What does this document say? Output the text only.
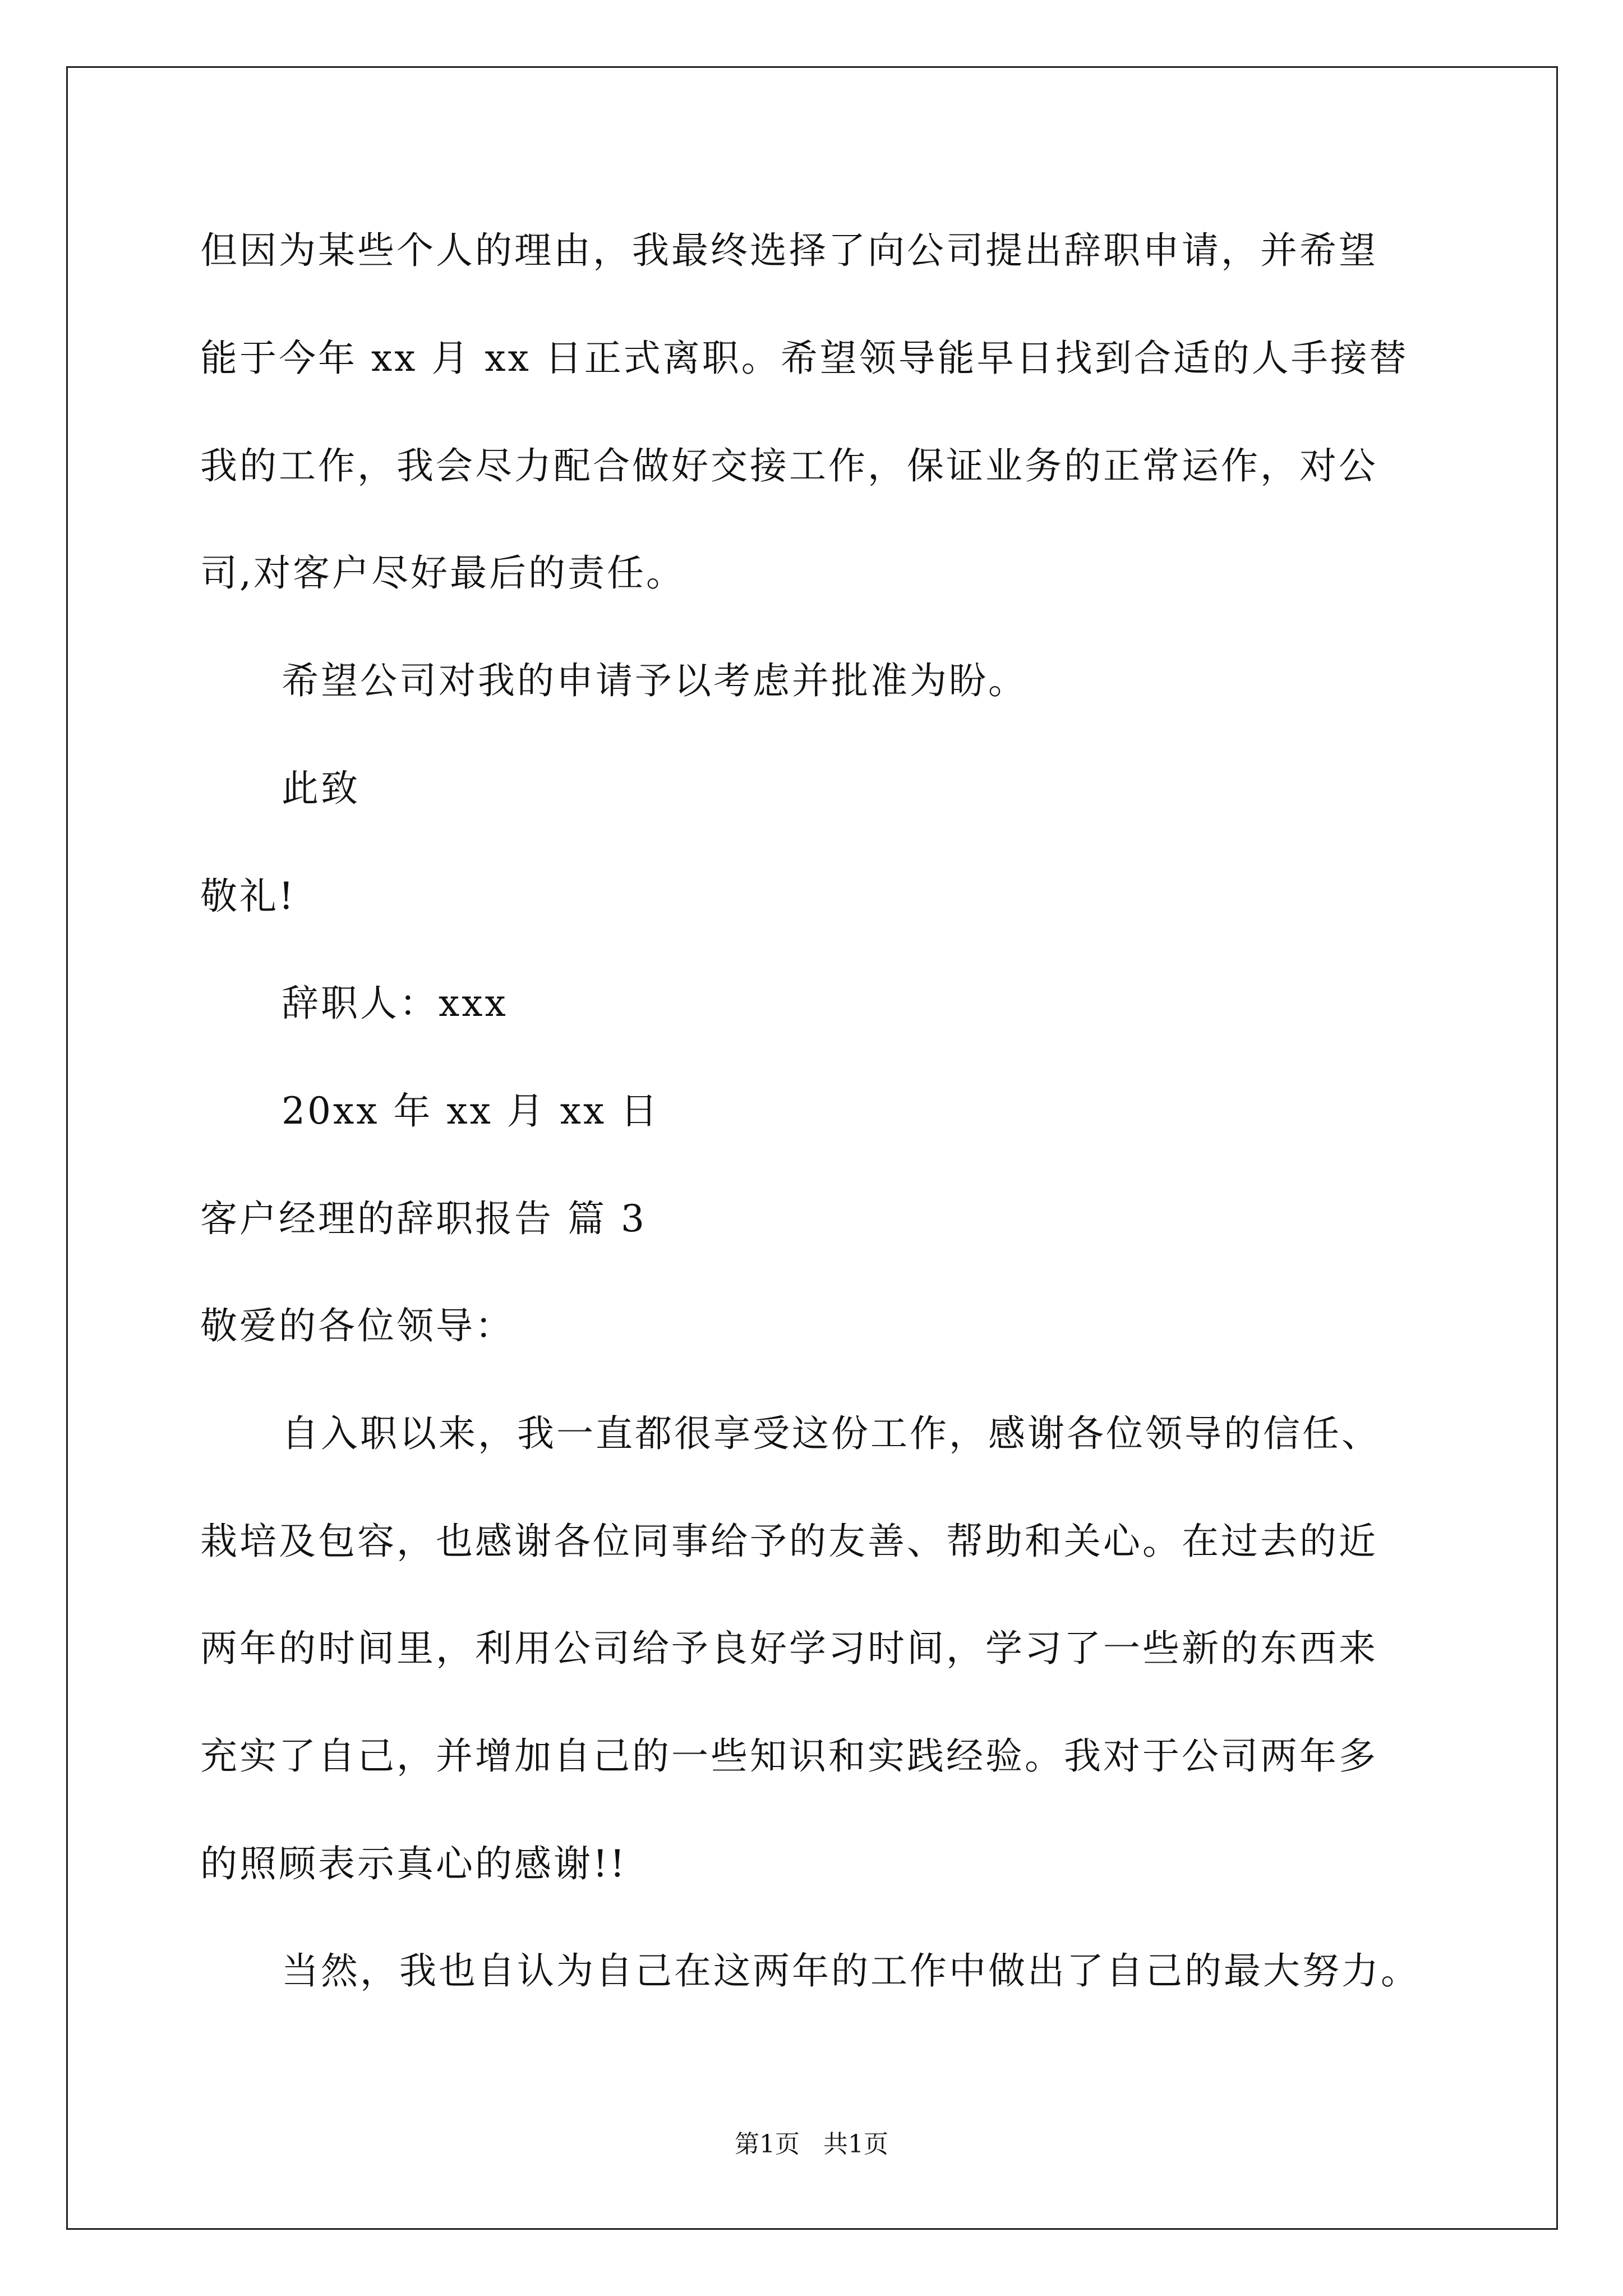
但因为某些个人的理由，我最终选择了向公司提出辞职申请，并希望
能于今年 xx 月 xx 日正式离职。希望领导能早日找到合适的人手接替
我的工作，我会尽力配合做好交接工作，保证业务的正常运作，对公
司,对客户尽好最后的责任。
希望公司对我的申请予以考虑并批准为盼。
此致
敬礼!
辞职人：xxx
20xx 年 xx 月 xx 日
客户经理的辞职报告 篇 3
敬爱的各位领导：
自入职以来，我一直都很享受这份工作，感谢各位领导的信任、
栽培及包容，也感谢各位同事给予的友善、帮助和关心。在过去的近
两年的时间里，利用公司给予良好学习时间，学习了一些新的东西来
充实了自己，并增加自己的一些知识和实践经验。我对于公司两年多
的照顾表示真心的感谢!!
当然，我也自认为自己在这两年的工作中做出了自己的最大努力。
第1页   共1页
